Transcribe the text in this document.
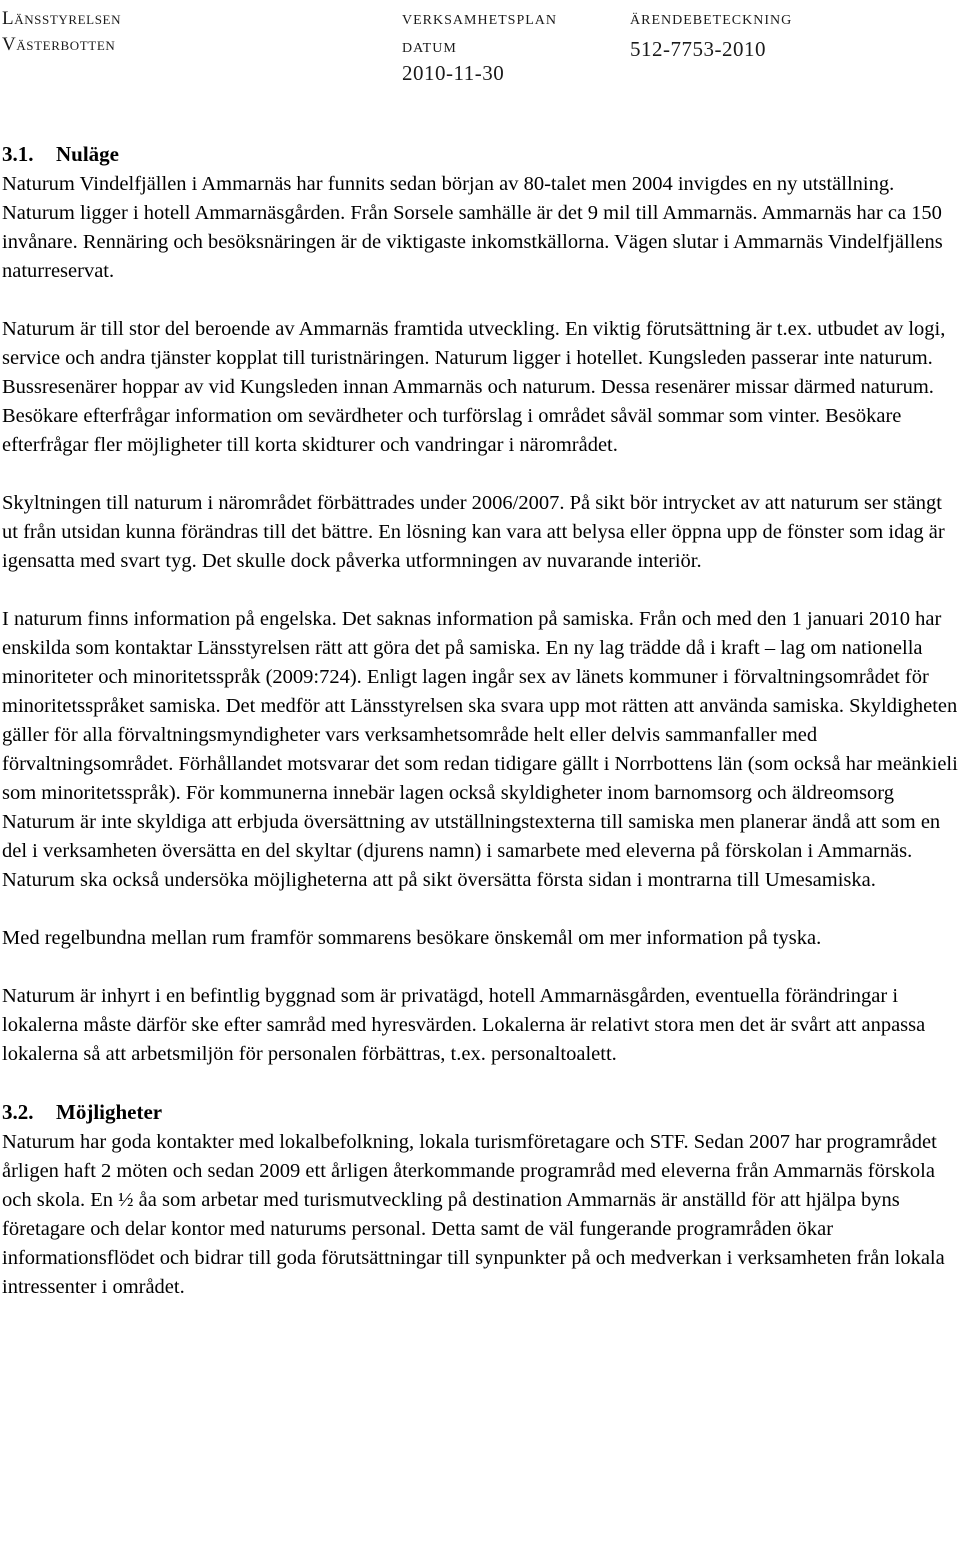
Länsstyrelsen
Västerbotten
VERKSAMHETSPLAN
DATUM
2010-11-30
ÄRENDEBETECKNING
512-7753-2010
3.1. Nuläge

Naturum Vindelfjällen i Ammarnäs har funnits sedan början av 80-talet men 2004 invigdes en ny utställning. Naturum ligger i hotell Ammarnäsgården. Från Sorsele samhälle är det 9 mil till Ammarnäs. Ammarnäs har ca 150 invånare. Rennäring och besöksnäringen är de viktigaste inkomstkällorna. Vägen slutar i Ammarnäs Vindelfjällens naturreservat.

Naturum är till stor del beroende av Ammarnäs framtida utveckling. En viktig förutsättning är t.ex. utbudet av logi, service och andra tjänster kopplat till turistnäringen. Naturum ligger i hotellet. Kungsleden passerar inte naturum. Bussresenärer hoppar av vid Kungsleden innan Ammarnäs och naturum. Dessa resenärer missar därmed naturum. Besökare efterfrågar information om sevärdheter och turförslag i området såväl sommar som vinter. Besökare efterfrågar fler möjligheter till korta skidturer och vandringar i närområdet.

Skyltningen till naturum i närområdet förbättrades under 2006/2007. På sikt bör intrycket av att naturum ser stängt ut från utsidan kunna förändras till det bättre. En lösning kan vara att belysa eller öppna upp de fönster som idag är igensatta med svart tyg. Det skulle dock påverka utformningen av nuvarande interiör.

I naturum finns information på engelska. Det saknas information på samiska. Från och med den 1 januari 2010 har enskilda som kontaktar Länsstyrelsen rätt att göra det på samiska. En ny lag trädde då i kraft – lag om nationella minoriteter och minoritetsspråk (2009:724). Enligt lagen ingår sex av länets kommuner i förvaltningsområdet för minoritetsspråket samiska. Det medför att Länsstyrelsen ska svara upp mot rätten att använda samiska. Skyldigheten gäller för alla förvaltningsmyndigheter vars verksamhetsområde helt eller delvis sammanfaller med förvaltningsområdet. Förhållandet motsvarar det som redan tidigare gällt i Norrbottens län (som också har meänkieli som minoritetsspråk). För kommunerna innebär lagen också skyldigheter inom barnomsorg och äldreomsorg

Naturum är inte skyldiga att erbjuda översättning av utställningstexterna till samiska men planerar ändå att som en del i verksamheten översätta en del skyltar (djurens namn) i samarbete med eleverna på förskolan i Ammarnäs. Naturum ska också undersöka möjligheterna att på sikt översätta första sidan i montrarna till Umesamiska.

Med regelbundna mellan rum framför sommarens besökare önskemål om mer information på tyska.

Naturum är inhyrt i en befintlig byggnad som är privatägd, hotell Ammarnäsgården, eventuella förändringar i lokalerna måste därför ske efter samråd med hyresvärden. Lokalerna är relativt stora men det är svårt att anpassa lokalerna så att arbetsmiljön för personalen förbättras, t.ex. personaltoalett.

3.2. Möjligheter

Naturum har goda kontakter med lokalbefolkning, lokala turismföretagare och STF. Sedan 2007 har programrådet årligen haft 2 möten och sedan 2009 ett årligen återkommande programråd med eleverna från Ammarnäs förskola och skola. En ½ åa som arbetar med turismutveckling på destination Ammarnäs är anställd för att hjälpa byns företagare och delar kontor med naturums personal. Detta samt de väl fungerande programråden ökar informationsflödet och bidrar till goda förutsättningar till synpunkter på och medverkan i verksamheten från lokala intressenter i området.
